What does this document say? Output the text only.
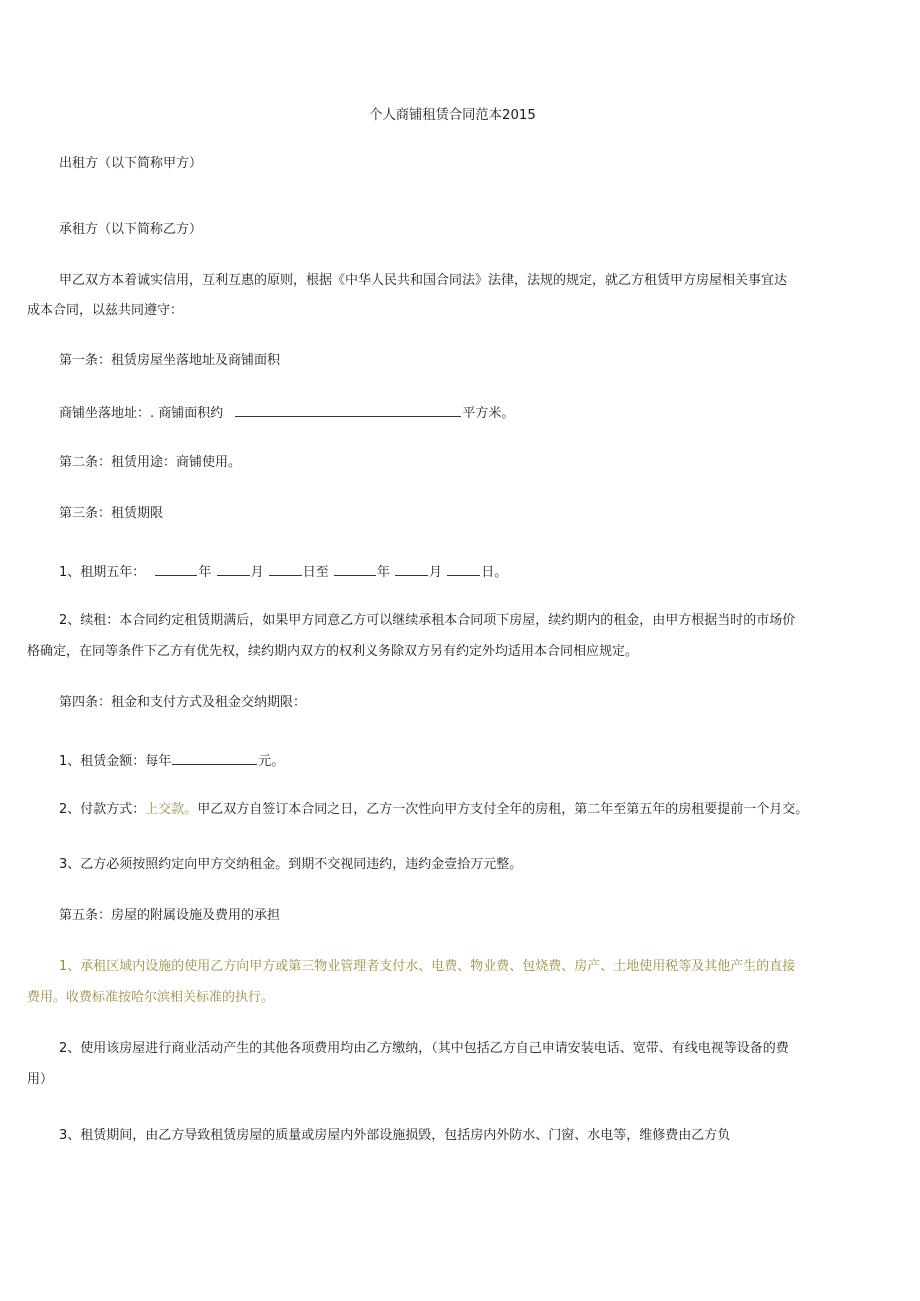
个人商铺租赁合同范本2015
出租方（以下简称甲方）
承租方（以下简称乙方）
甲乙双方本着诚实信用，互利互惠的原则，根据《中华人民共和国合同法》法律，法规的规定，就乙方租赁甲方房屋相关事宜达
成本合同，以兹共同遵守：
第一条：租赁房屋坐落地址及商铺面积
商铺坐落地址：. 商铺面积约	平方米。
第二条：租赁用途：商铺使用。
第三条：租赁期限
1、租期五年：	年	月	日至	年	月	日。
2、续租：本合同约定租赁期满后，如果甲方同意乙方可以继续承租本合同项下房屋，续约期内的租金，由甲方根据当时的市场价
格确定，在同等条件下乙方有优先权，续约期内双方的权利义务除双方另有约定外均适用本合同相应规定。
第四条：租金和支付方式及租金交纳期限：
1、租赁金额：每年	元。
2、付款方式：上交款。甲乙双方自签订本合同之日，乙方一次性向甲方支付全年的房租，第二年至第五年的房租要提前一个月交。
3、乙方必须按照约定向甲方交纳租金。到期不交视同违约，违约金壹拾万元整。
第五条：房屋的附属设施及费用的承担
1、承租区域内设施的使用乙方向甲方或第三物业管理者支付水、电费、物业费、包烧费、房产、土地使用税等及其他产生的直接
费用。收费标准按哈尔滨相关标准的执行。
2、使用该房屋进行商业活动产生的其他各项费用均由乙方缴纳，（其中包括乙方自己申请安装电话、宽带、有线电视等设备的费
用）
3、租赁期间，由乙方导致租赁房屋的质量或房屋内外部设施损毁，包括房内外防水、门窗、水电等，维修费由乙方负
